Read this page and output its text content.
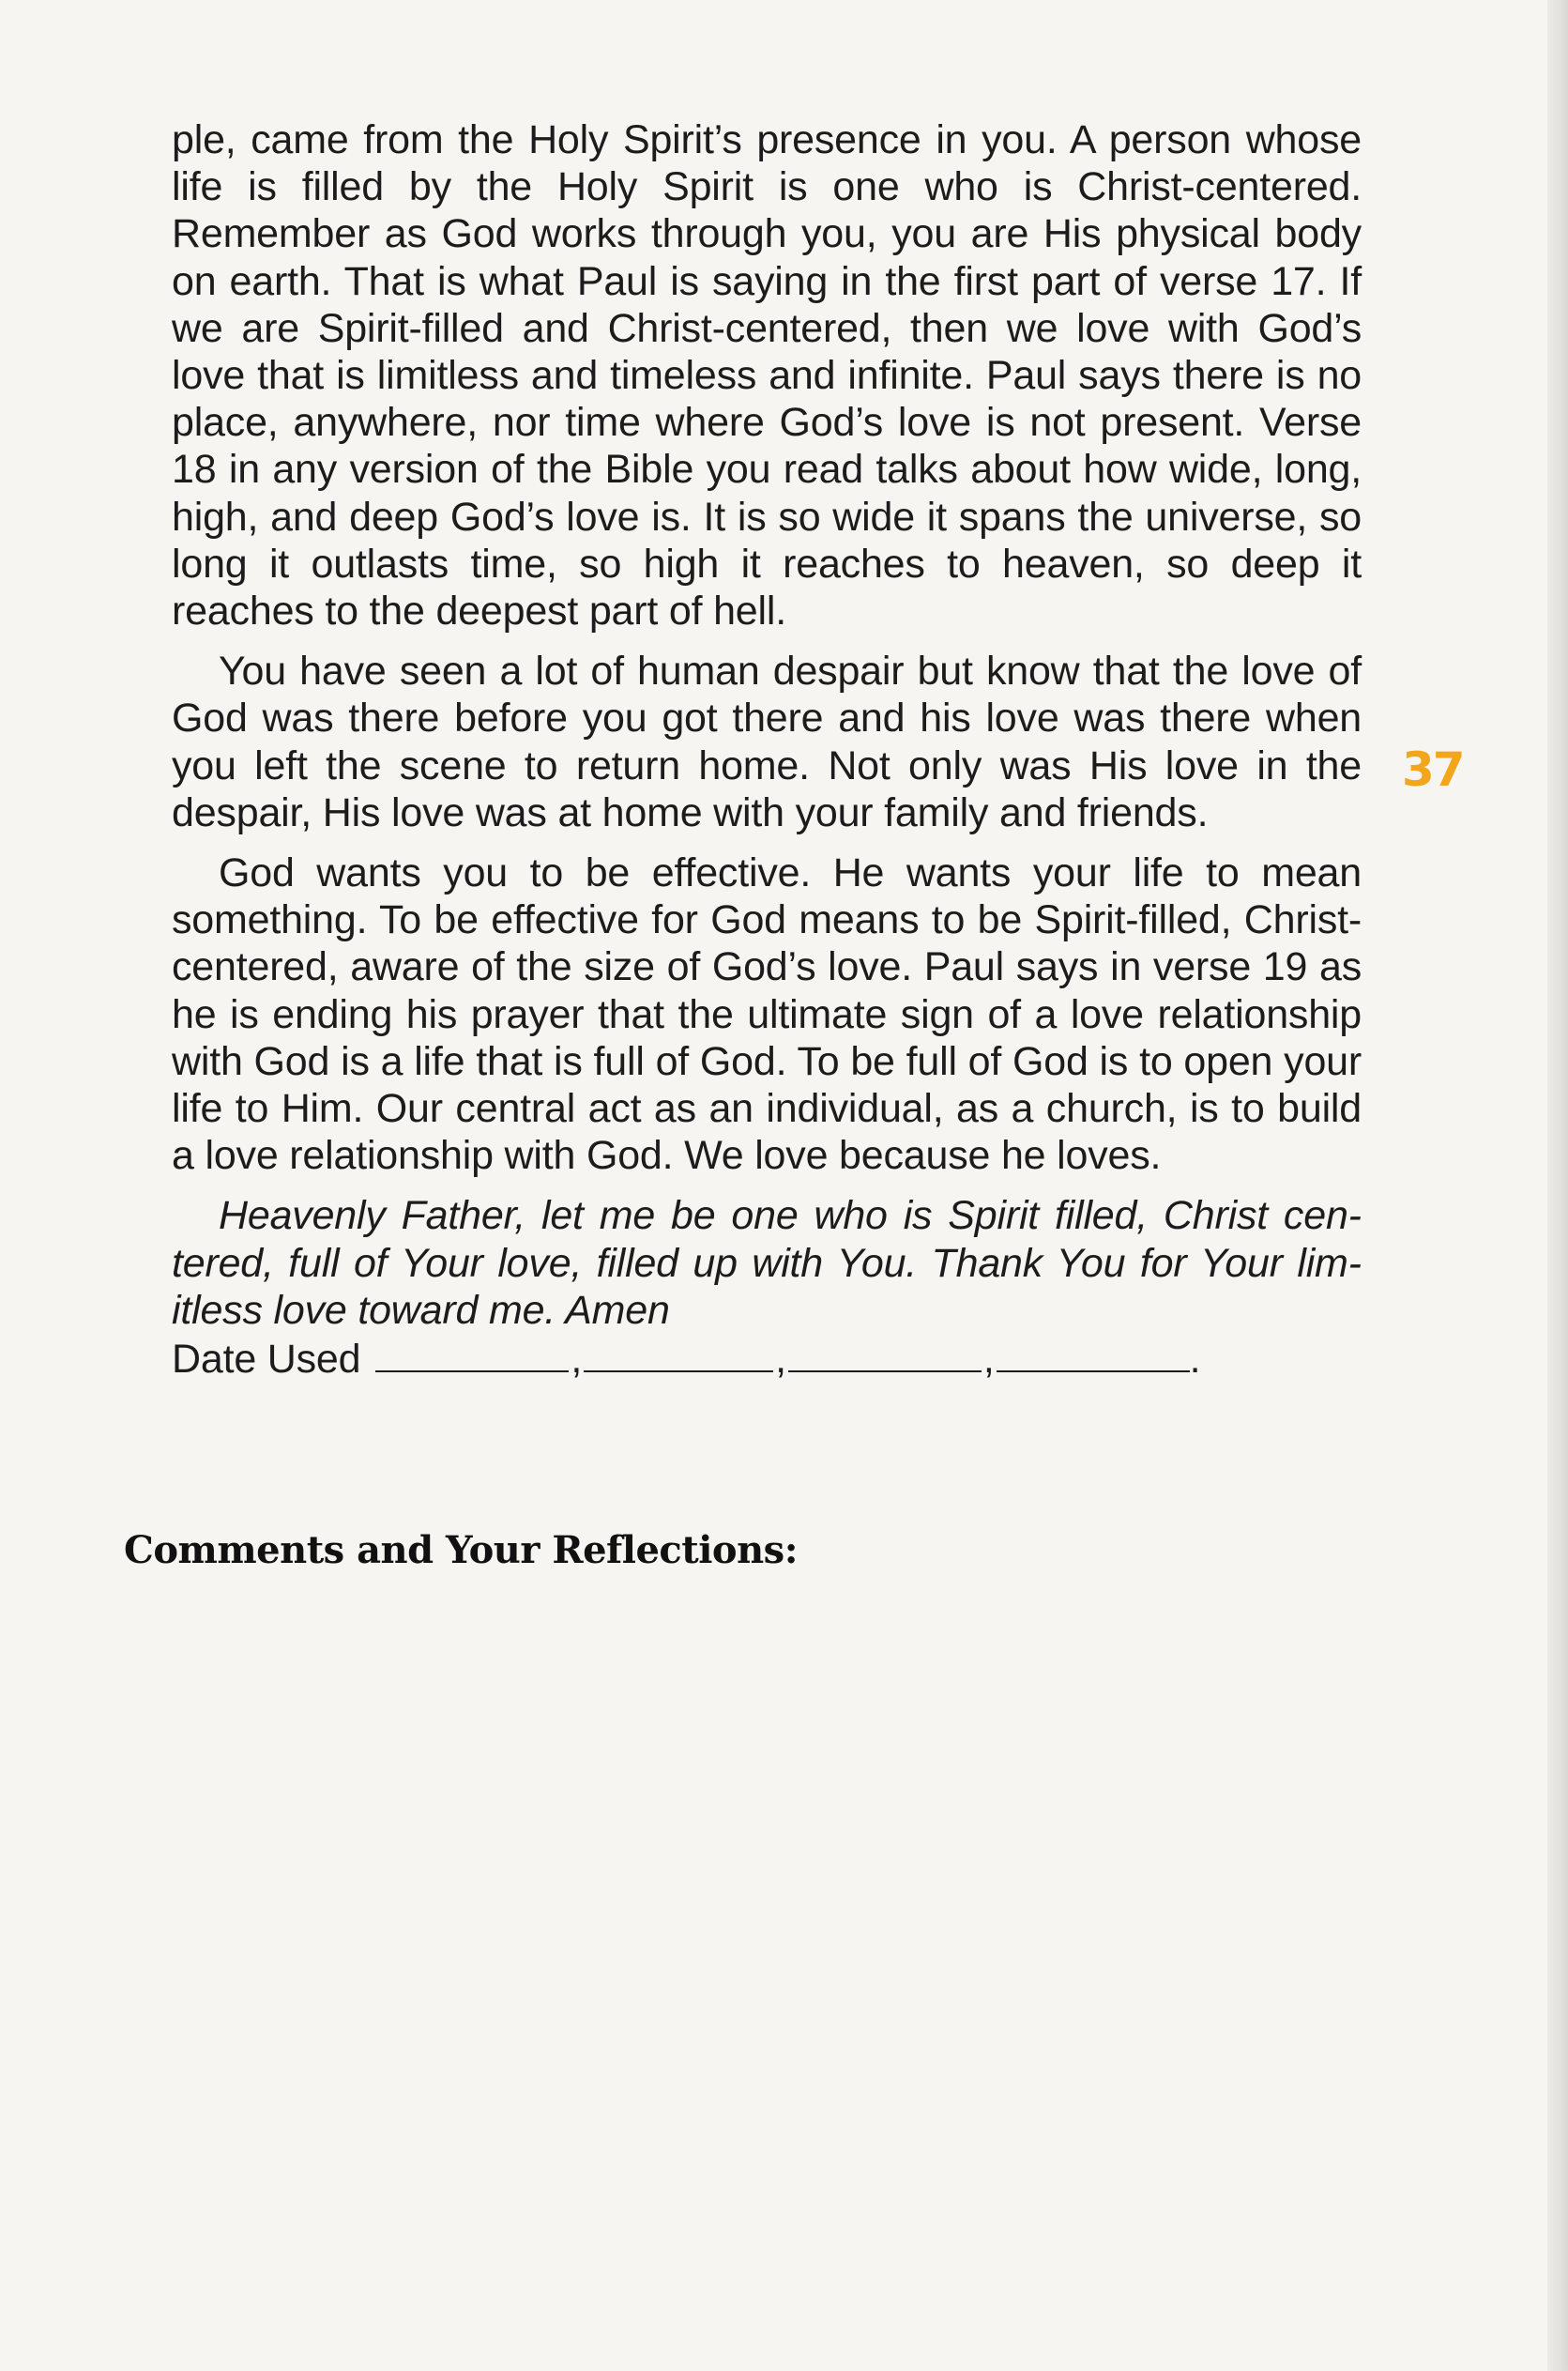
ple, came from the Holy Spirit’s presence in you. A person whose life is filled by the Holy Spirit is one who is Christ-centered. Remember as God works through you, you are His physical body on earth. That is what Paul is saying in the first part of verse 17. If we are Spirit-filled and Christ-centered, then we love with God’s love that is limitless and timeless and infinite. Paul says there is no place, anywhere, nor time where God’s love is not present. Verse 18 in any version of the Bible you read talks about how wide, long, high, and deep God’s love is. It is so wide it spans the universe, so long it outlasts time, so high it reaches to heaven, so deep it reaches to the deepest part of hell.

You have seen a lot of human despair but know that the love of God was there before you got there and his love was there when you left the scene to return home. Not only was His love in the despair, His love was at home with your family and friends.

God wants you to be effective. He wants your life to mean something. To be effective for God means to be Spirit-filled, Christ-centered, aware of the size of God’s love. Paul says in verse 19 as he is ending his prayer that the ultimate sign of a love relationship with God is a life that is full of God. To be full of God is to open your life to Him. Our central act as an individual, as a church, is to build a love relationship with God. We love because he loves.

Heavenly Father, let me be one who is Spirit filled, Christ centered, full of Your love, filled up with You. Thank You for Your limitless love toward me. Amen

Date Used	,	,	,	.
Comments and Your Reflections:
37
